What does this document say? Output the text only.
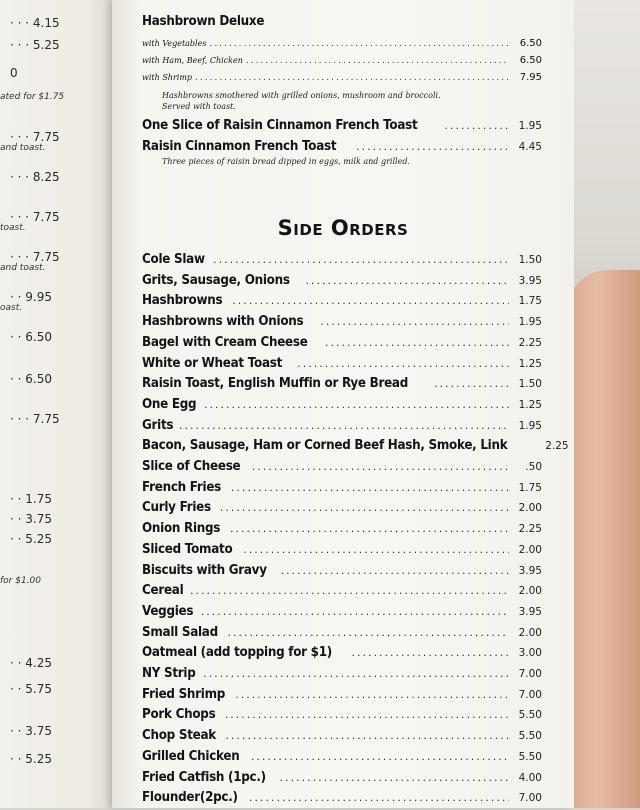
· · · 4.15
· · · 5.25
0
ated for $1.75
· · · 7.75
and toast.
· · · 8.25
· · · 7.75
toast.
· · · 7.75
and toast.
· · 9.95
oast.
· · 6.50
· · 6.50
· · · 7.75
· · 1.75
· · 3.75
· · 5.25
for $1.00
· · 4.25
· · 5.75
· · 3.75
· · 5.25
Hashbrown Deluxe
with Vegetables .....	6.50
with Ham, Beef, Chicken .....	6.50
with Shrimp .....	7.95
Hashbrowns smothered with grilled onions, mushroom and broccoli.
Served with toast.
One Slice of Raisin Cinnamon French Toast .....	1.95
Raisin Cinnamon French Toast .....	4.45
Three pieces of raisin bread dipped in eggs, milk and grilled.
Side Orders
Cole Slaw .....	1.50
Grits, Sausage, Onions .....	3.95
Hashbrowns .....	1.75
Hashbrowns with Onions .....	1.95
Bagel with Cream Cheese .....	2.25
White or Wheat Toast .....	1.25
Raisin Toast, English Muffin or Rye Bread .....	1.50
One Egg .....	1.25
Grits .....	1.95
Bacon, Sausage, Ham or Corned Beef Hash, Smoke, Link	2.25
Slice of Cheese .....	.50
French Fries .....	1.75
Curly Fries .....	2.00
Onion Rings .....	2.25
Sliced Tomato .....	2.00
Biscuits with Gravy .....	3.95
Cereal .....	2.00
Veggies .....	3.95
Small Salad .....	2.00
Oatmeal (add topping for $1) .....	3.00
NY Strip .....	7.00
Fried Shrimp .....	7.00
Pork Chops .....	5.50
Chop Steak .....	5.50
Grilled Chicken .....	5.50
Fried Catfish (1pc.) .....	4.00
Flounder(2pc.) .....	7.00
